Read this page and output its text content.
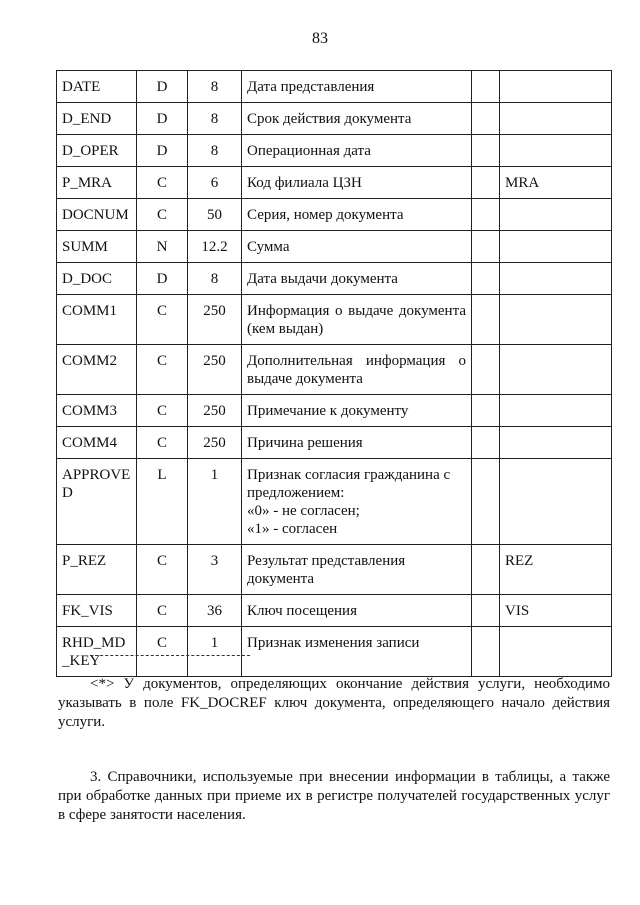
83
DATE	D	8	Дата представления		

D_END	D	8	Срок действия документа		

D_OPER	D	8	Операционная дата		

P_MRA	C	6	Код филиала ЦЗН		MRA

DOCNUM	C	50	Серия, номер документа		

SUMM	N	12.2	Сумма		

D_DOC	D	8	Дата выдачи документа		

COMM1	C	250	Информация о выдаче документа
(кем выдан)		

COMM2	C	250	Дополнительная информация о
выдаче документа		

COMM3	C	250	Примечание к документу		

COMM4	C	250	Причина решения		

APPROVE
D	L	1	Признак согласия гражданина с
предложением:
«0» - не согласен;
«1» - согласен		

P_REZ	C	3	Результат представления
документа		REZ

FK_VIS	C	36	Ключ посещения		VIS

RHD_MD
_KEY	C	1	Признак изменения записи		

<*> У документов, определяющих окончание действия услуги, необходимо указывать в поле FK_DOCREF ключ документа, определяющего начало действия услуги.
3. Справочники, используемые при внесении информации в таблицы, а также при обработке данных при приеме их в регистре получателей государственных услуг в сфере занятости населения.
